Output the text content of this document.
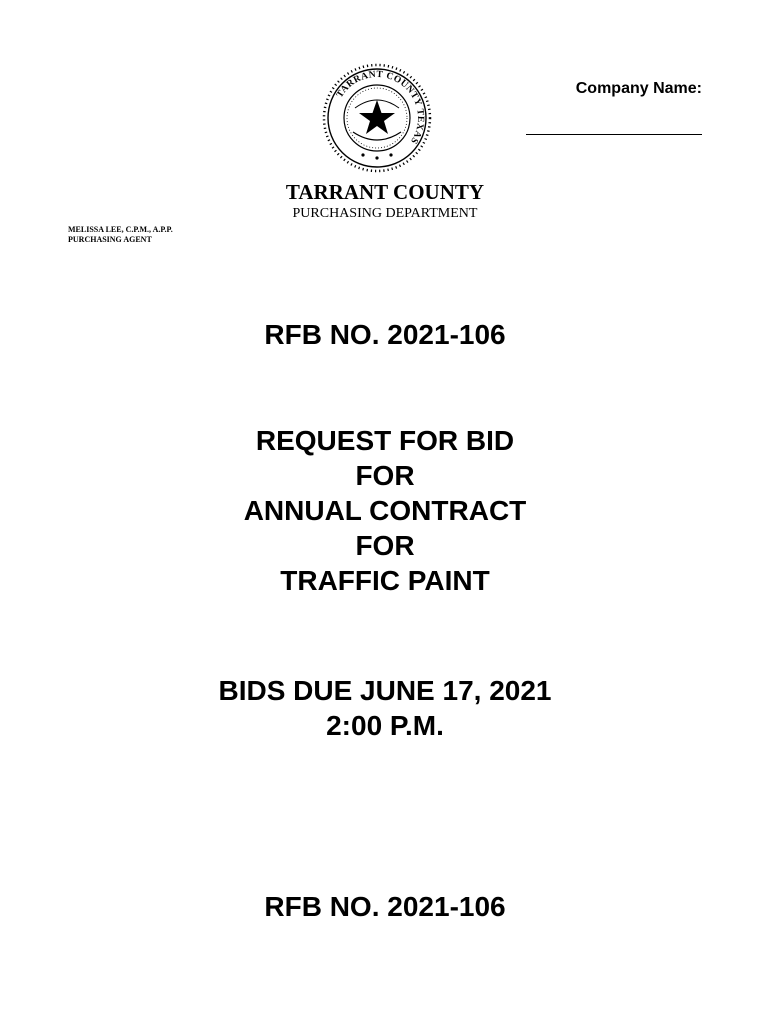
Company Name:
TARRANT COUNTY TEXAS
TARRANT COUNTY
PURCHASING DEPARTMENT
MELISSA LEE, C.P.M., A.P.P.
PURCHASING AGENT
RFB NO. 2021-106
REQUEST FOR BID
FOR
ANNUAL CONTRACT
FOR
TRAFFIC PAINT
BIDS DUE JUNE 17, 2021
2:00 P.M.
RFB NO. 2021-106
